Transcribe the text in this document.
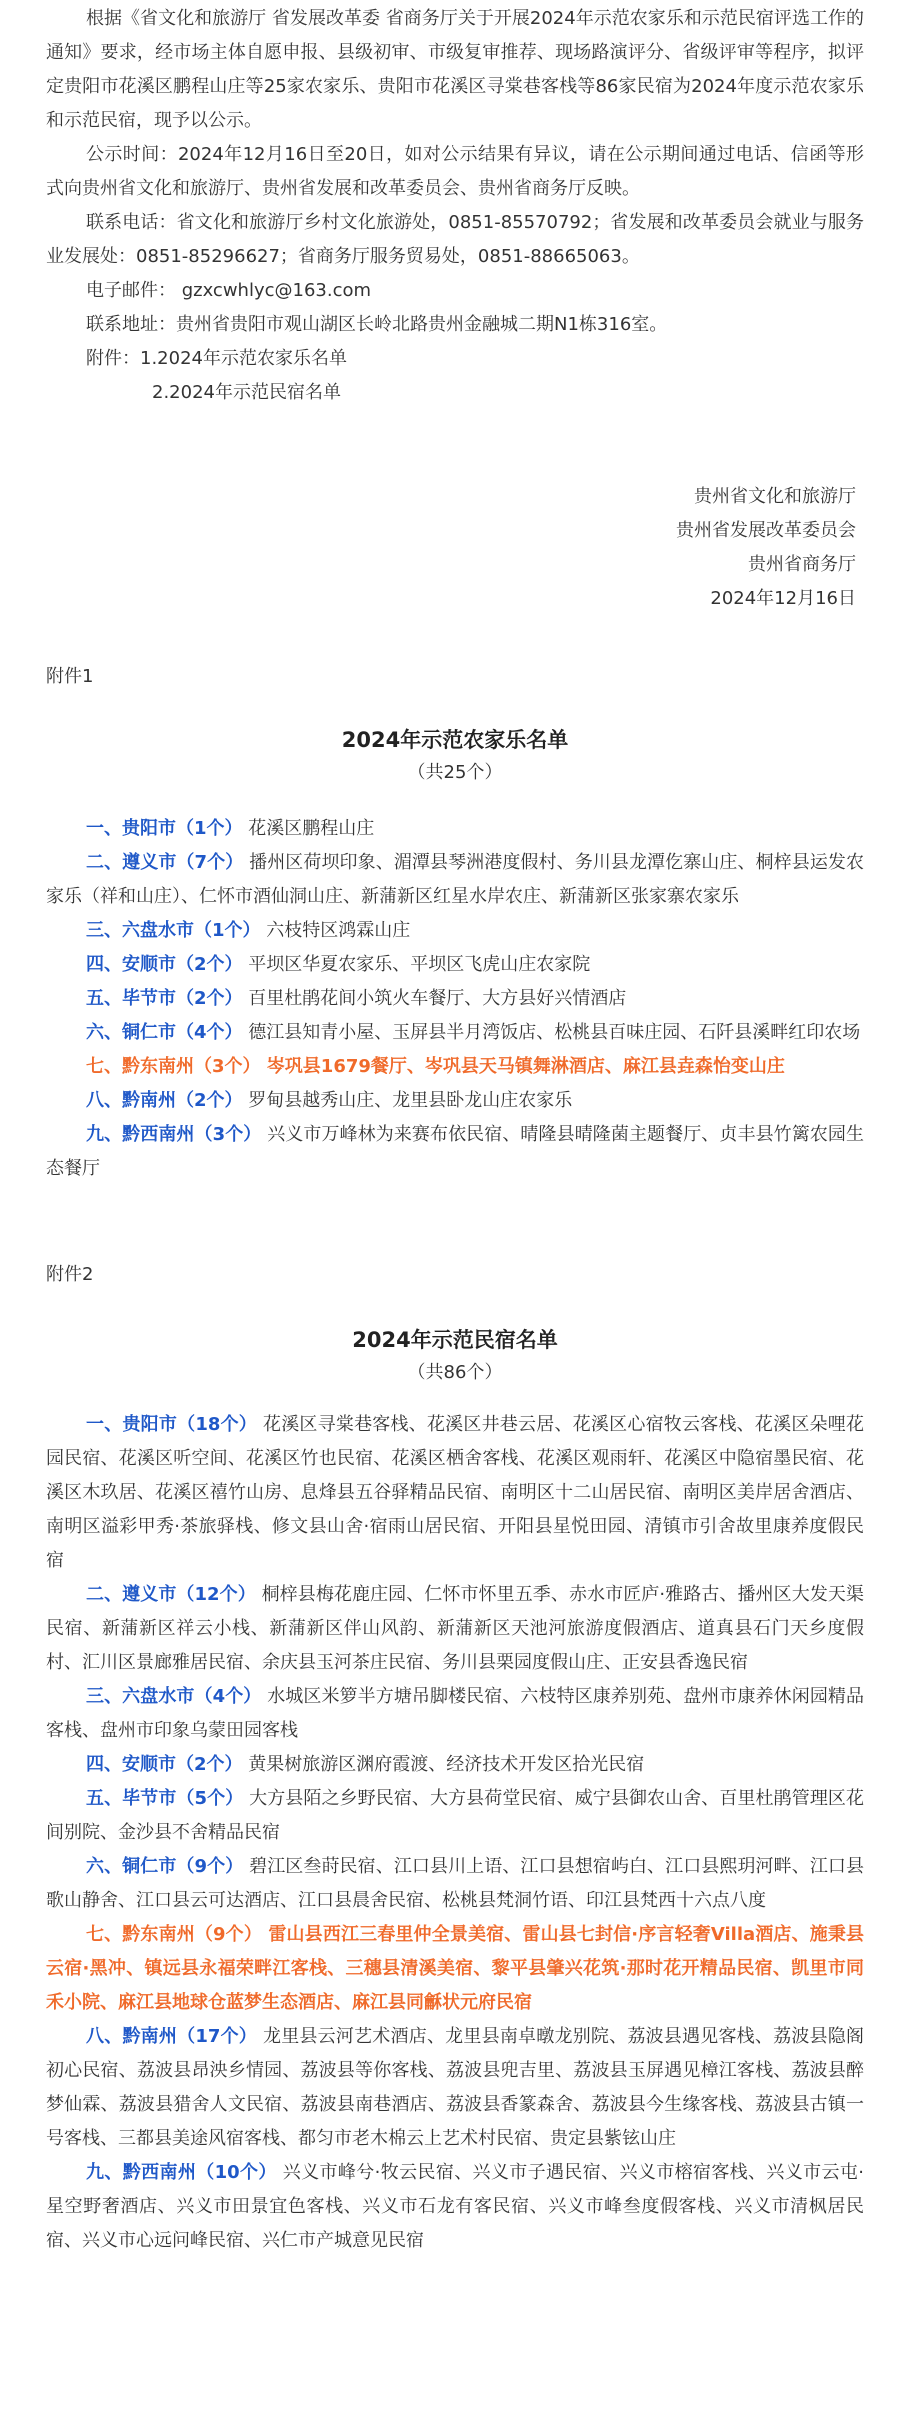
根据《省文化和旅游厅 省发展改革委 省商务厅关于开展2024年示范农家乐和示范民宿评选工作的通知》要求，经市场主体自愿申报、县级初审、市级复审推荐、现场路演评分、省级评审等程序，拟评定贵阳市花溪区鹏程山庄等25家农家乐、贵阳市花溪区寻棠巷客栈等86家民宿为2024年度示范农家乐和示范民宿，现予以公示。

公示时间：2024年12月16日至20日，如对公示结果有异议，请在公示期间通过电话、信函等形式向贵州省文化和旅游厅、贵州省发展和改革委员会、贵州省商务厅反映。

联系电话：省文化和旅游厅乡村文化旅游处，0851-85570792；省发展和改革委员会就业与服务业发展处：0851-85296627；省商务厅服务贸易处，0851-88665063。

电子邮件： gzxcwhlyc@163.com

联系地址：贵州省贵阳市观山湖区长岭北路贵州金融城二期N1栋316室。

附件：1.2024年示范农家乐名单

2.2024年示范民宿名单

贵州省文化和旅游厅
贵州省发展改革委员会
贵州省商务厅
2024年12月16日

附件1

2024年示范农家乐名单

（共25个）

一、贵阳市（1个） 花溪区鹏程山庄

二、遵义市（7个） 播州区荷坝印象、湄潭县琴洲港度假村、务川县龙潭仡寨山庄、桐梓县运发农家乐（祥和山庄）、仁怀市酒仙洞山庄、新蒲新区红星水岸农庄、新蒲新区张家寨农家乐

三、六盘水市（1个） 六枝特区鸿霖山庄

四、安顺市（2个） 平坝区华夏农家乐、平坝区飞虎山庄农家院

五、毕节市（2个） 百里杜鹃花间小筑火车餐厅、大方县好兴情酒店

六、铜仁市（4个） 德江县知青小屋、玉屏县半月湾饭店、松桃县百味庄园、石阡县溪畔红印农场

七、黔东南州（3个） 岑巩县1679餐厅、岑巩县天马镇舞淋酒店、麻江县垚森怡变山庄

八、黔南州（2个） 罗甸县越秀山庄、龙里县卧龙山庄农家乐

九、黔西南州（3个） 兴义市万峰林为来赛布依民宿、晴隆县晴隆菌主题餐厅、贞丰县竹篱农园生态餐厅

附件2

2024年示范民宿名单

（共86个）

一、贵阳市（18个） 花溪区寻棠巷客栈、花溪区井巷云居、花溪区心宿牧云客栈、花溪区朵哩花园民宿、花溪区听空间、花溪区竹也民宿、花溪区栖舍客栈、花溪区观雨轩、花溪区中隐宿墨民宿、花溪区木玖居、花溪区禧竹山房、息烽县五谷驿精品民宿、南明区十二山居民宿、南明区美岸居舍酒店、南明区溢彩甲秀·茶旅驿栈、修文县山舍·宿雨山居民宿、开阳县星悦田园、清镇市引舍故里康养度假民宿

二、遵义市（12个） 桐梓县梅花鹿庄园、仁怀市怀里五季、赤水市匠庐·雅路古、播州区大发天渠民宿、新蒲新区祥云小栈、新蒲新区伴山风韵、新蒲新区天池河旅游度假酒店、道真县石门天乡度假村、汇川区景廊雅居民宿、余庆县玉河茶庄民宿、务川县栗园度假山庄、正安县香逸民宿

三、六盘水市（4个） 水城区米箩半方塘吊脚楼民宿、六枝特区康养别苑、盘州市康养休闲园精品客栈、盘州市印象乌蒙田园客栈

四、安顺市（2个） 黄果树旅游区渊府霞渡、经济技术开发区拾光民宿

五、毕节市（5个） 大方县陌之乡野民宿、大方县荷堂民宿、威宁县御农山舍、百里杜鹃管理区花间别院、金沙县不舍精品民宿

六、铜仁市（9个） 碧江区叁莳民宿、江口县川上语、江口县想宿屿白、江口县熙玥河畔、江口县歌山静舍、江口县云可达酒店、江口县晨舍民宿、松桃县梵洞竹语、印江县梵西十六点八度

七、黔东南州（9个） 雷山县西江三春里仲全景美宿、雷山县七封信·序言轻奢Villa酒店、施秉县云宿·黑冲、镇远县永福荣畔江客栈、三穗县清溪美宿、黎平县肇兴花筑·那时花开精品民宿、凯里市同禾小院、麻江县地球仓蓝梦生态酒店、麻江县同龢状元府民宿

八、黔南州（17个） 龙里县云河艺术酒店、龙里县南卓暾龙别院、荔波县遇见客栈、荔波县隐阁初心民宿、荔波县昂泱乡情园、荔波县等你客栈、荔波县兜吉里、荔波县玉屏遇见樟江客栈、荔波县醉梦仙霖、荔波县猎舍人文民宿、荔波县南巷酒店、荔波县香篆森舍、荔波县今生缘客栈、荔波县古镇一号客栈、三都县美途风宿客栈、都匀市老木棉云上艺术村民宿、贵定县紫铉山庄

九、黔西南州（10个） 兴义市峰兮·牧云民宿、兴义市子遇民宿、兴义市榕宿客栈、兴义市云屯·星空野奢酒店、兴义市田景宜色客栈、兴义市石龙有客民宿、兴义市峰叁度假客栈、兴义市清枫居民宿、兴义市心远问峰民宿、兴仁市产城意见民宿
